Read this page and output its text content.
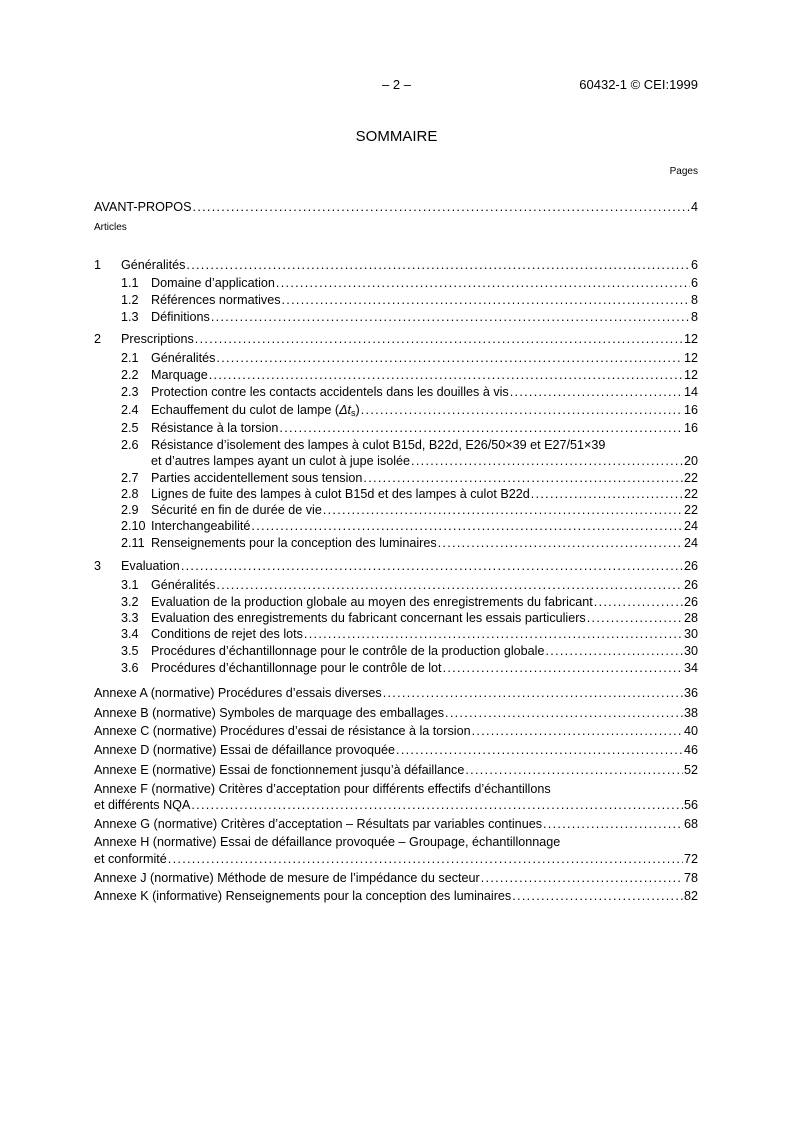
– 2 –	60432-1 © CEI:1999
SOMMAIRE
Pages
AVANT-PROPOS . . .	4
Articles
1 Généralités . . .	6
1.1 Domaine d’application . . .	6
1.2 Références normatives . . .	8
1.3 Définitions . . .	8
2 Prescriptions . . .	12
2.1 Généralités . . .	12
2.2 Marquage . . .	12
2.3 Protection contre les contacts accidentels dans les douilles à vis . . .	14
2.4 Echauffement du culot de lampe $(\Delta t_s)$ . . .	16
2.5 Résistance à la torsion . . .	16
2.6 Résistance d’isolement des lampes à culot B15d, B22d, E26/50×39 et E27/51×39
et d’autres lampes ayant un culot à jupe isolée . . .	20
2.7 Parties accidentellement sous tension . . .	22
2.8 Lignes de fuite des lampes à culot B15d et des lampes à culot B22d . . .	22
2.9 Sécurité en fin de durée de vie . . .	22
2.10 Interchangeabilité . . .	24
2.11 Renseignements pour la conception des luminaires . . .	24
3 Evaluation . . .	26
3.1 Généralités . . .	26
3.2 Evaluation de la production globale au moyen des enregistrements du fabricant . . .	26
3.3 Evaluation des enregistrements du fabricant concernant les essais particuliers . . .	28
3.4 Conditions de rejet des lots . . .	30
3.5 Procédures d’échantillonnage pour le contrôle de la production globale . . .	30
3.6 Procédures d’échantillonnage pour le contrôle de lot . . .	34
Annexe A (normative) Procédures d’essais diverses . . .	36
Annexe B (normative) Symboles de marquage des emballages . . .	38
Annexe C (normative) Procédures d’essai de résistance à la torsion . . .	40
Annexe D (normative) Essai de défaillance provoquée . . .	46
Annexe E (normative) Essai de fonctionnement jusqu’à défaillance . . .	52
Annexe F (normative) Critères d’acceptation pour différents effectifs d’échantillons
et différents NQA . . .	56
Annexe G (normative) Critères d’acceptation – Résultats par variables continues . . .	68
Annexe H (normative) Essai de défaillance provoquée – Groupage, échantillonnage
et conformité . . .	72
Annexe J (normative) Méthode de mesure de l’impédance du secteur . . .	78
Annexe K (informative) Renseignements pour la conception des luminaires . . .	82
